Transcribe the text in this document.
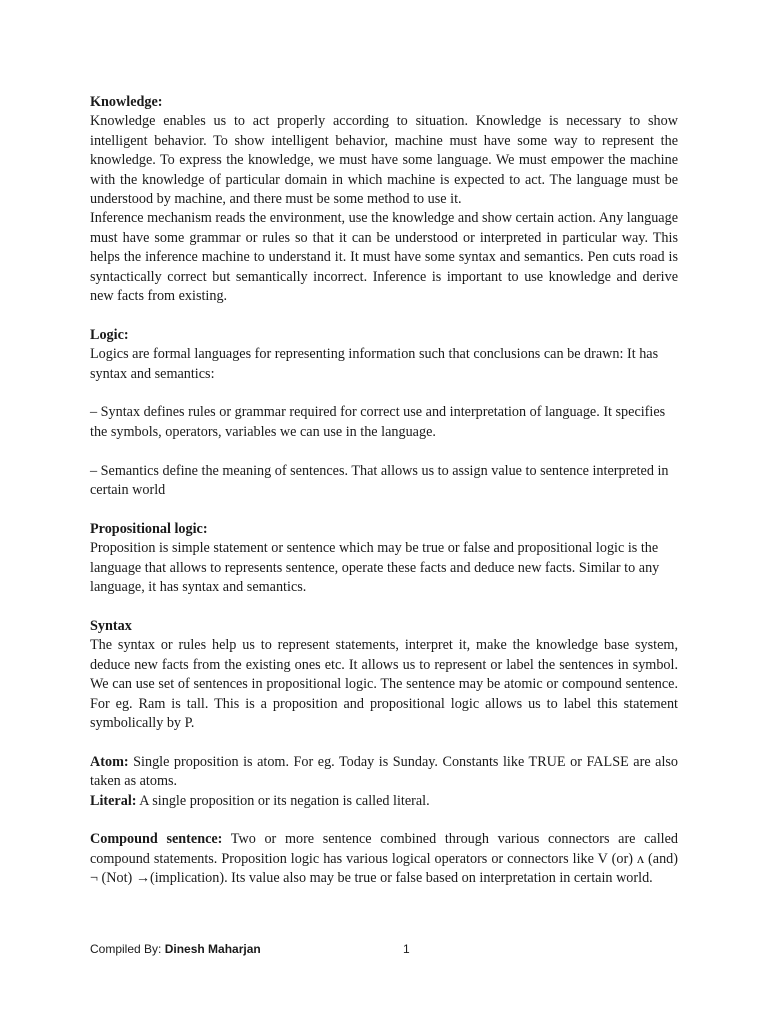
Knowledge:

Knowledge enables us to act properly according to situation. Knowledge is necessary to show intelligent behavior. To show intelligent behavior, machine must have some way to represent the knowledge. To express the knowledge, we must have some language. We must empower the machine with the knowledge of particular domain in which machine is expected to act. The language must be understood by machine, and there must be some method to use it.

Inference mechanism reads the environment, use the knowledge and show certain action. Any language must have some grammar or rules so that it can be understood or interpreted in particular way. This helps the inference machine to understand it. It must have some syntax and semantics. Pen cuts road is syntactically correct but semantically incorrect. Inference is important to use knowledge and derive new facts from existing.

Logic:

Logics are formal languages for representing information such that conclusions can be drawn: It has syntax and semantics:

– Syntax defines rules or grammar required for correct use and interpretation of language. It specifies the symbols, operators, variables we can use in the language.

– Semantics define the meaning of sentences. That allows us to assign value to sentence interpreted in certain world

Propositional logic:

Proposition is simple statement or sentence which may be true or false and propositional logic is the language that allows to represents sentence, operate these facts and deduce new facts. Similar to any language, it has syntax and semantics.

Syntax

The syntax or rules help us to represent statements, interpret it, make the knowledge base system, deduce new facts from the existing ones etc. It allows us to represent or label the sentences in symbol. We can use set of sentences in propositional logic. The sentence may be atomic or compound sentence. For eg. Ram is tall. This is a proposition and propositional logic allows us to label this statement symbolically by P.

Atom: Single proposition is atom. For eg. Today is Sunday. Constants like TRUE or FALSE are also taken as atoms.

Literal: A single proposition or its negation is called literal.

Compound sentence: Two or more sentence combined through various connectors are called compound statements. Proposition logic has various logical operators or connectors like V (or) ᴧ (and) ¬ (Not) →(implication). Its value also may be true or false based on interpretation in certain world.

Compiled By: Dinesh Maharjan	1
